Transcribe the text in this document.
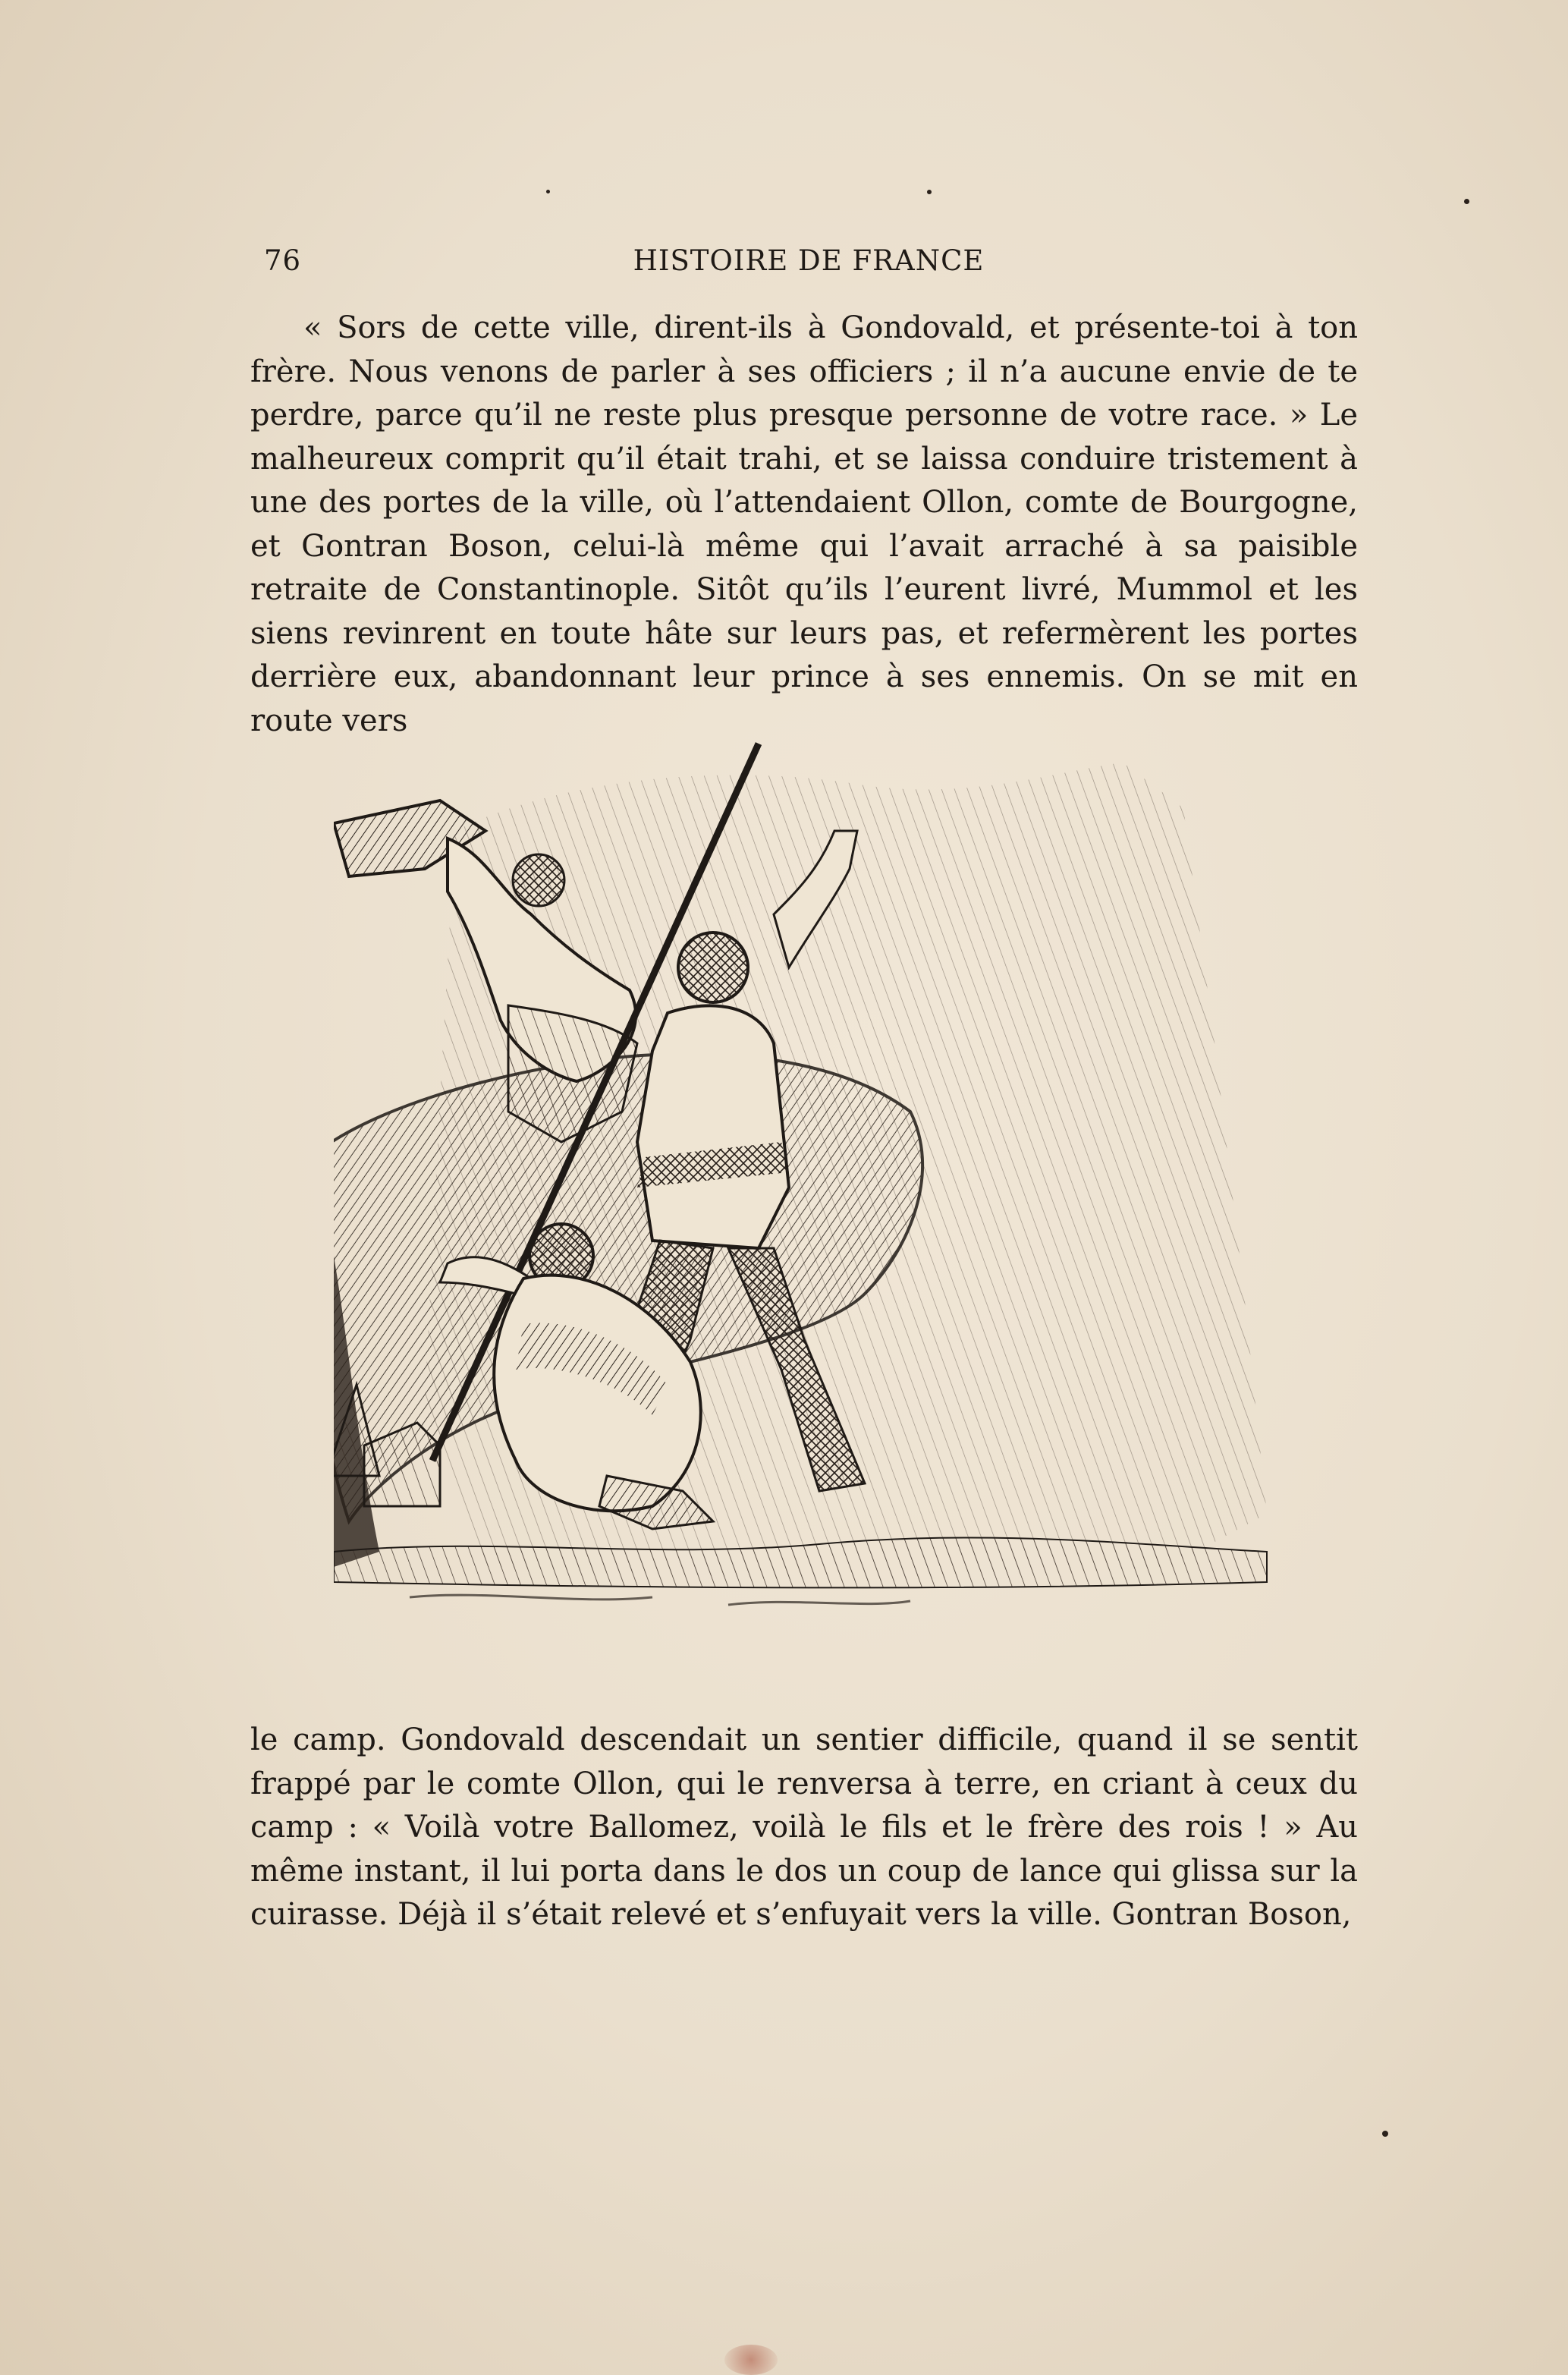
76	HISTOIRE DE FRANCE

« Sors de cette ville, dirent-ils à Gondovald, et présente-toi à ton frère. Nous venons de parler à ses officiers ; il n’a aucune envie de te perdre, parce qu’il ne reste plus presque personne de votre race. » Le malheureux comprit qu’il était trahi, et se laissa conduire tristement à une des portes de la ville, où l’attendaient Ollon, comte de Bourgogne, et Gontran Boson, celui-là même qui l’avait arraché à sa paisible retraite de Constantinople. Sitôt qu’ils l’eurent livré, Mummol et les siens revinrent en toute hâte sur leurs pas, et refermèrent les portes derrière eux, abandonnant leur prince à ses ennemis. On se mit en route vers

le camp. Gondovald descendait un sentier difficile, quand il se sentit frappé par le comte Ollon, qui le renversa à terre, en criant à ceux du camp : « Voilà votre Ballomez, voilà le fils et le frère des rois ! » Au même instant, il lui porta dans le dos un coup de lance qui glissa sur la cuirasse. Déjà il s’était relevé et s’enfuyait vers la ville. Gontran Boson,
